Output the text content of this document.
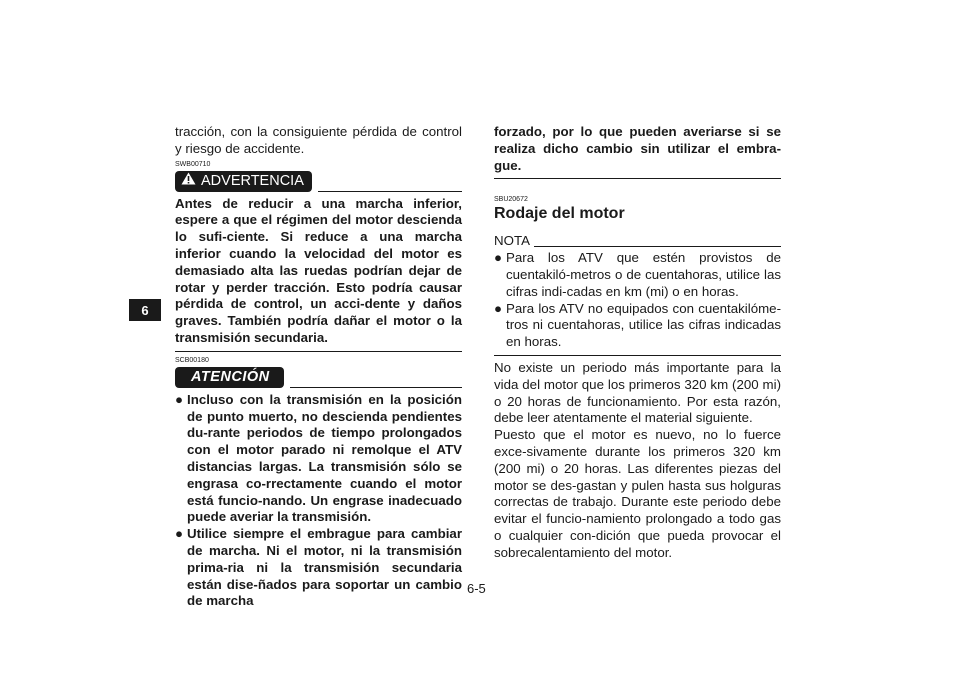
6

tracción, con la consiguiente pérdida de control y riesgo de accidente.

SWB00710
ADVERTENCIA

Antes de reducir a una marcha inferior, espere a que el régimen del motor descienda lo sufi-ciente. Si reduce a una marcha inferior cuando la velocidad del motor es demasiado alta las ruedas podrían dejar de rotar y perder tracción. Esto podría causar pérdida de control, un acci-dente y daños graves. También podría dañar el motor o la transmisión secundaria.

SCB00180
ATENCIÓN
● Incluso con la transmisión en la posición de punto muerto, no descienda pendientes du-rante periodos de tiempo prolongados con el motor parado ni remolque el ATV distancias largas. La transmisión sólo se engrasa co-rrectamente cuando el motor está funcio-nando. Un engrase inadecuado puede averiar la transmisión.
● Utilice siempre el embrague para cambiar de marcha. Ni el motor, ni la transmisión prima-ria ni la transmisión secundaria están dise-ñados para soportar un cambio de marcha

forzado, por lo que pueden averiarse si se realiza dicho cambio sin utilizar el embra-gue.

SBU20672
Rodaje del motor
NOTA
● Para los ATV que estén provistos de cuentakiló-metros o de cuentahoras, utilice las cifras indi-cadas en km (mi) o en horas.
● Para los ATV no equipados con cuentakilóme-tros ni cuentahoras, utilice las cifras indicadas en horas.

No existe un periodo más importante para la vida del motor que los primeros 320 km (200 mi) o 20 horas de funcionamiento. Por esta razón, debe leer atentamente el material siguiente.

Puesto que el motor es nuevo, no lo fuerce exce-sivamente durante los primeros 320 km (200 mi) o 20 horas. Las diferentes piezas del motor se des-gastan y pulen hasta sus holguras correctas de trabajo. Durante este periodo debe evitar el funcio-namiento prolongado a todo gas o cualquier con-dición que pueda provocar el sobrecalentamiento del motor.

6-5
